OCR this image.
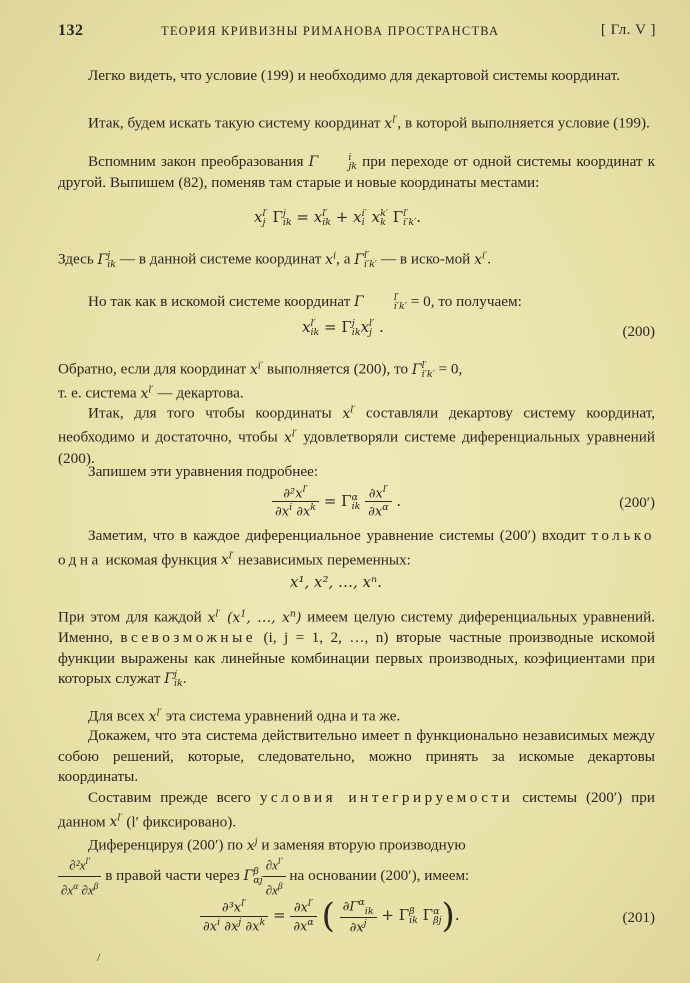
132	ТЕОРИЯ КРИВИЗНЫ РИМАНОВА ПРОСТРАНСТВА	[ Гл. V ]
Легко видеть, что условие (199) и необходимо для декартовой системы координат.
Итак, будем искать такую систему координат $x^{l'}$, в которой выполняется условие (199).
Вспомним закон преобразования Γ	i
jk при переходе от одной системы координат к другой. Выпишем (82), поменяв там старые и новые координаты местами:
x l′
j Γ j
ik = x l′
ik + x i′
i x k′
k Γ l′
i′k′ .
Здесь Γ j
ik — в данной системе координат $x^i$, а Γ l′
i′k′ — в иско-мой $x^{i'}$.
Но так как в искомой системе координат Γ	l′
i′k′ = 0, то получаем:
x l′
ik = Γ j
ik x l′
j .	(200)
Обратно, если для координат $x^{i'}$ выполняется (200), то Γ l′
i′k′ = 0,
т. е. система $x^{l'}$ — декартова.
Итак, для того чтобы координаты $x^{l'}$ составляли декартову систему координат, необходимо и достаточно, чтобы $x^{l'}$ удовлетворяли системе диференциальных уравнений (200).
Запишем эти уравнения подробнее:
$\frac{\partial^2x^{l'}}{\partial x^i \partial x^k} = \Gamma$ α
ik
$\frac{\partial x^{l'}}{\partial x^\alpha}$ .	(200′)
Заметим, что в каждое диференциальное уравнение системы (200′) входит только одна искомая функция $x^{l'}$ независимых переменных:
x¹, x², …, xⁿ.
При этом для каждой $x^{l'}$ ($x^1$, …, $x^n$) имеем целую систему диференциальных уравнений. Именно, всевозможные (i, j = 1, 2, …, n) вторые частные производные искомой функции выражены как линейные комбинации первых производных, коэфициентами при которых служат Γ j
ik .
Для всех $x^{l'}$ эта система уравнений одна и та же.
Докажем, что эта система действительно имеет n функционально независимых между собою решений, которые, следовательно, можно принять за искомые декартовы координаты.
Составим прежде всего условия интегрируемости системы (200′) при данном $x^{l'}$ (l′ фиксировано).
Диференцируя (200′) по $x^j$ и заменяя вторую производную
$\frac{\partial^2x^{l'}}{\partial x^\alpha \partial x^\beta}$ в правой части через Γ β
αj $\frac{\partial x^{l'}}{\partial x^\beta}$ на основании (200′), имеем:
$\frac{\partial^3x^{l'}}{\partial x^i \partial x^j \partial x^k} = \frac{\partial x^{l'}}{\partial x^\alpha}$ ( $\frac{\partial\Gamma^\alpha_{ik}}{\partial x^j} + \Gamma$ β
ik Γ α
βj ).	(201)
/
